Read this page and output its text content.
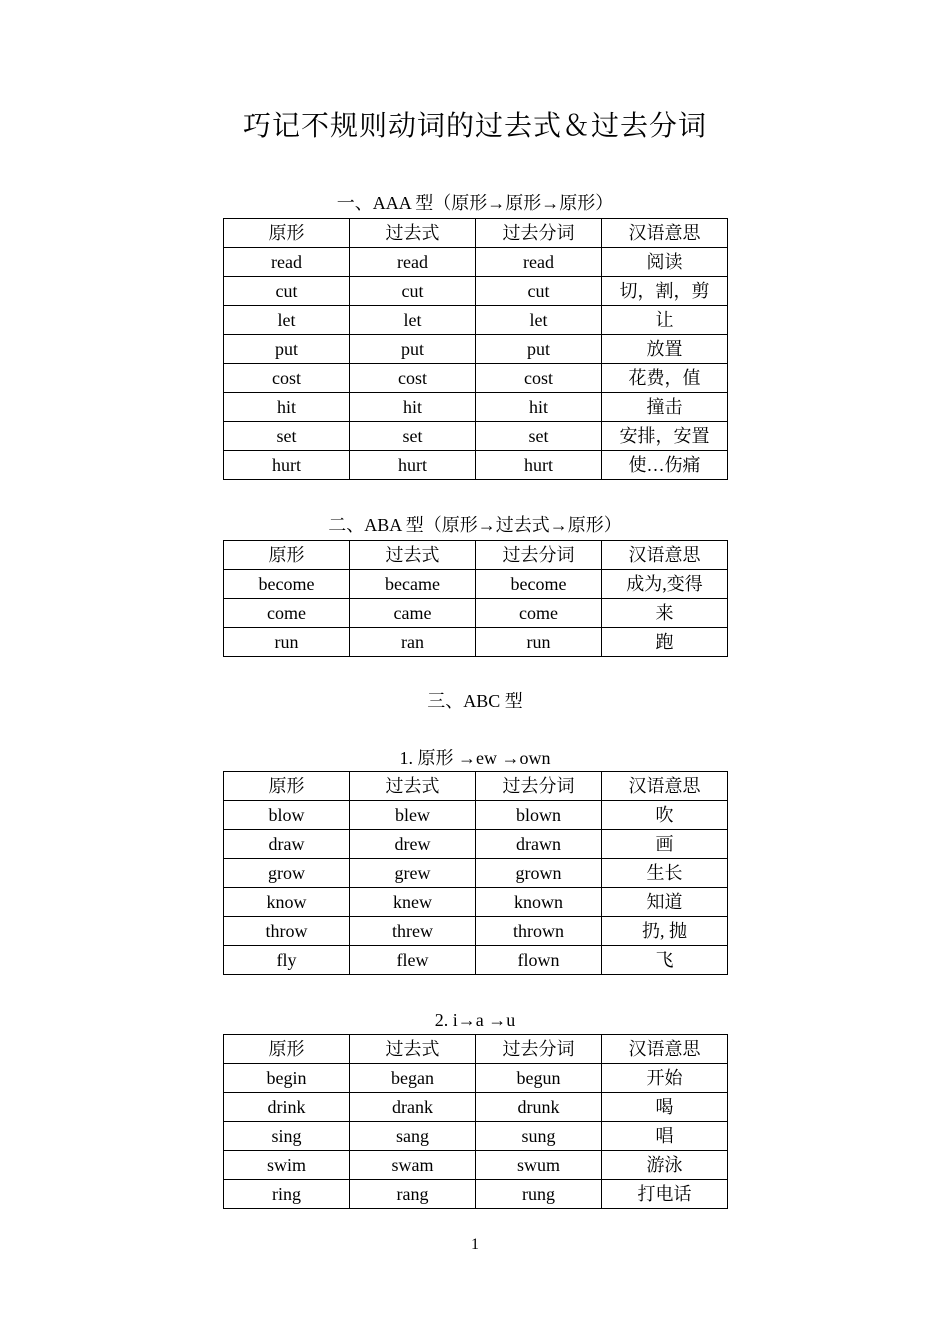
巧记不规则动词的过去式＆过去分词
一、AAA 型（原形→原形→原形）
原形	过去式	过去分词	汉语意思
read	read	read	阅读
cut	cut	cut	切，割，剪
let	let	let	让
put	put	put	放置
cost	cost	cost	花费，值
hit	hit	hit	撞击
set	set	set	安排，安置
hurt	hurt	hurt	使…伤痛
二、ABA 型（原形→过去式→原形）
原形	过去式	过去分词	汉语意思
become	became	become	成为,变得
come	came	come	来
run	ran	run	跑
三、ABC 型
1. 原形 →ew →own
原形	过去式	过去分词	汉语意思
blow	blew	blown	吹
draw	drew	drawn	画
grow	grew	grown	生长
know	knew	known	知道
throw	threw	thrown	扔, 抛
fly	flew	flown	飞
2. i→a →u
原形	过去式	过去分词	汉语意思
begin	began	begun	开始
drink	drank	drunk	喝
sing	sang	sung	唱
swim	swam	swum	游泳
ring	rang	rung	打电话
1
